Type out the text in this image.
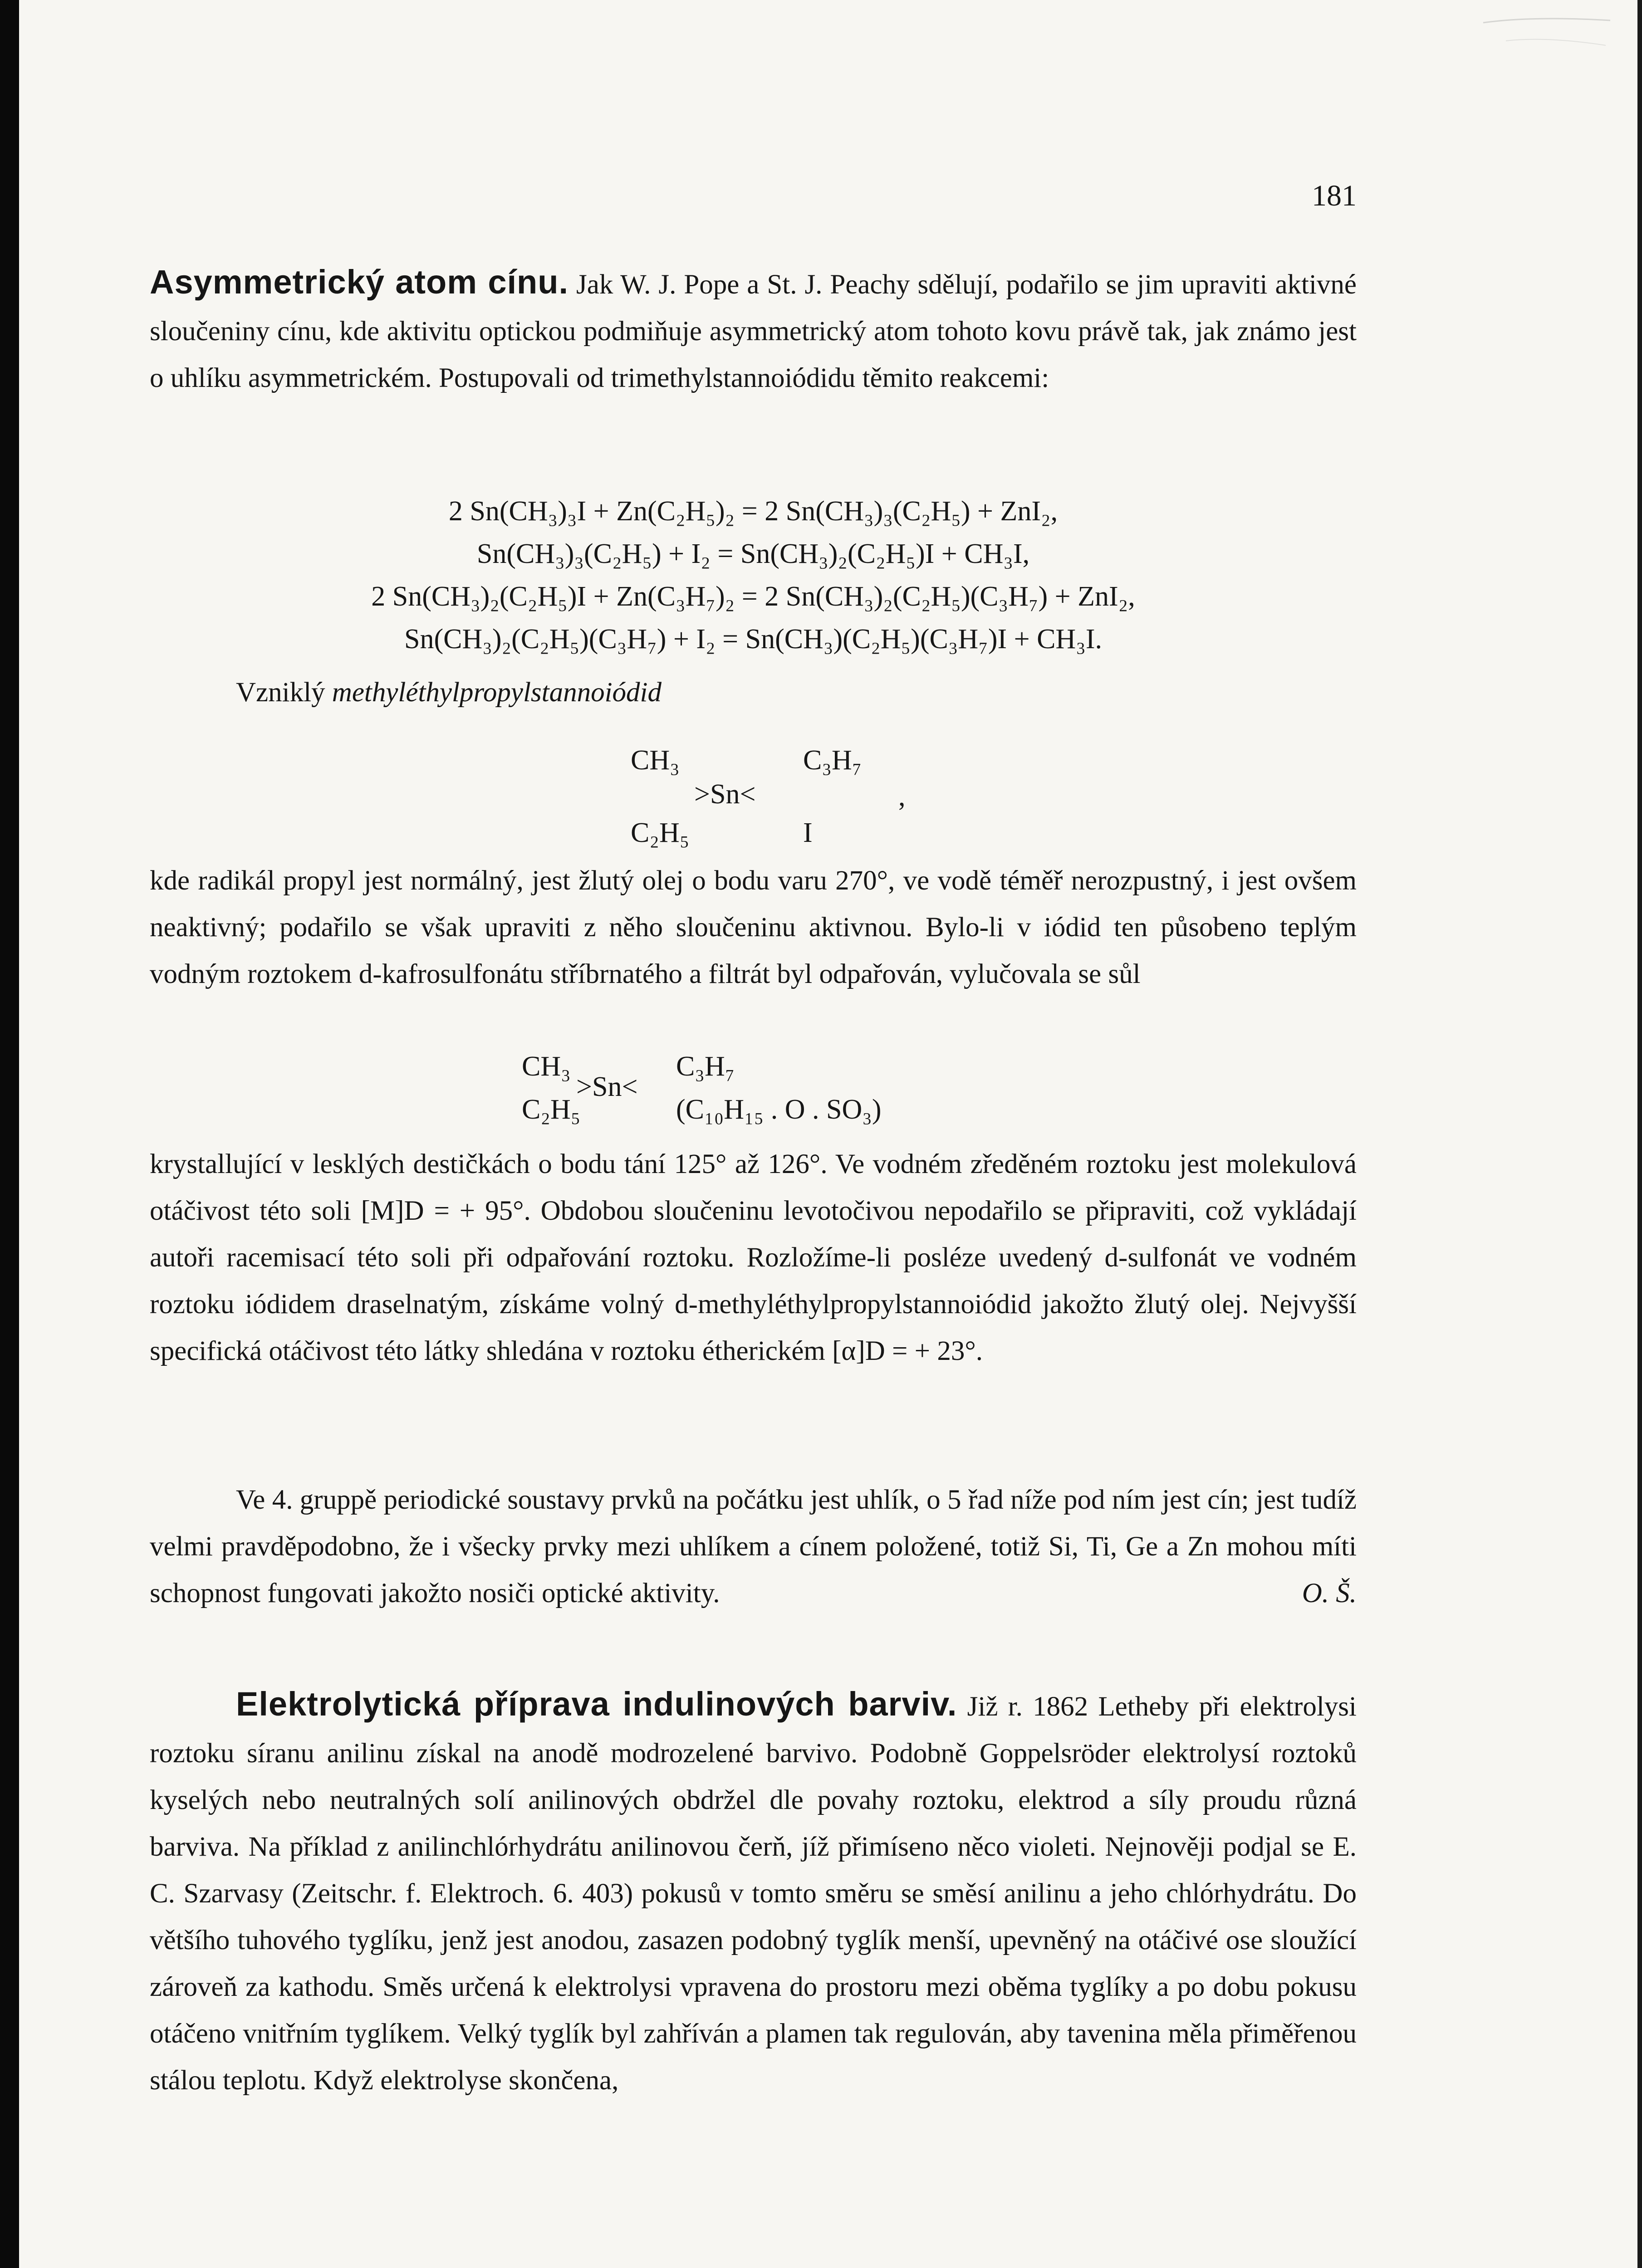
181
Asymmetrický atom cínu. Jak W. J. Pope a St. J. Peachy sdělují, podařilo se jim upraviti aktivné sloučeniny cínu, kde aktivitu optickou podmiňuje asymmetrický atom tohoto kovu právě tak, jak známo jest o uhlíku asymmetrickém. Postupovali od trimethylstannoiódidu těmito reakcemi:
2 Sn(CH₃)₃I + Zn(C₂H₅)₂ = 2 Sn(CH₃)₃(C₂H₅) + ZnI₂,
Sn(CH₃)₃(C₂H₅) + I₂ = Sn(CH₃)₂(C₂H₅)I + CH₃I,
2 Sn(CH₃)₂(C₂H₅)I + Zn(C₃H₇)₂ = 2 Sn(CH₃)₂(C₂H₅)(C₃H₇) + ZnI₂,
Sn(CH₃)₂(C₂H₅)(C₃H₇) + I₂ = Sn(CH₃)(C₂H₅)(C₃H₇)I + CH₃I.
Vzniklý methyléthylpropylstannoiódid
CH₃	C₃H₇
>Sn<	,
C₂H₅	I
kde radikál propyl jest normálný, jest žlutý olej o bodu varu 270°, ve vodě téměř nerozpustný, i jest ovšem neaktivný; podařilo se však upraviti z něho sloučeninu aktivnou. Bylo-li v iódid ten působeno teplým vodným roztokem d-kafrosulfonátu stříbrnatého a filtrát byl odpařován, vylučovala se sůl
CH₃	C₃H₇
>Sn<
C₂H₅	(C₁₀H₁₅ . O . SO₃)
krystallující v lesklých destičkách o bodu tání 125° až 126°. Ve vodném zředěném roztoku jest molekulová otáčivost této soli [M]D = + 95°. Obdobou sloučeninu levotočivou nepodařilo se připraviti, což vykládají autoři racemisací této soli při odpařování roztoku. Rozložíme-li posléze uvedený d-sulfonát ve vodném roztoku iódidem draselnatým, získáme volný d-methyléthylpropylstannoiódid jakožto žlutý olej. Nejvyšší specifická otáčivost této látky shledána v roztoku étherickém [α]D = + 23°.
Ve 4. gruppě periodické soustavy prvků na počátku jest uhlík, o 5 řad níže pod ním jest cín; jest tudíž velmi pravděpodobno, že i všecky prvky mezi uhlíkem a cínem položené, totiž Si, Ti, Ge a Zn mohou míti schopnost fungovati jakožto nosiči optické aktivity.	O. Š.
Elektrolytická příprava indulinových barviv. Již r. 1862 Letheby při elektrolysi roztoku síranu anilinu získal na anodě modrozelené barvivo. Podobně Goppelsröder elektrolysí roztoků kyselých nebo neutralných solí anilinových obdržel dle povahy roztoku, elektrod a síly proudu různá barviva. Na příklad z anilinchlórhydrátu anilinovou čerň, jíž přimíseno něco violeti. Nejnověji podjal se E. C. Szarvasy (Zeitschr. f. Elektroch. 6. 403) pokusů v tomto směru se směsí anilinu a jeho chlórhydrátu. Do většího tuhového tyglíku, jenž jest anodou, zasazen podobný tyglík menší, upevněný na otáčivé ose sloužící zároveň za kathodu. Směs určená k elektrolysi vpravena do prostoru mezi oběma tyglíky a po dobu pokusu otáčeno vnitřním tyglíkem. Velký tyglík byl zahříván a plamen tak regulován, aby tavenina měla přiměřenou stálou teplotu. Když elektrolyse skončena,
